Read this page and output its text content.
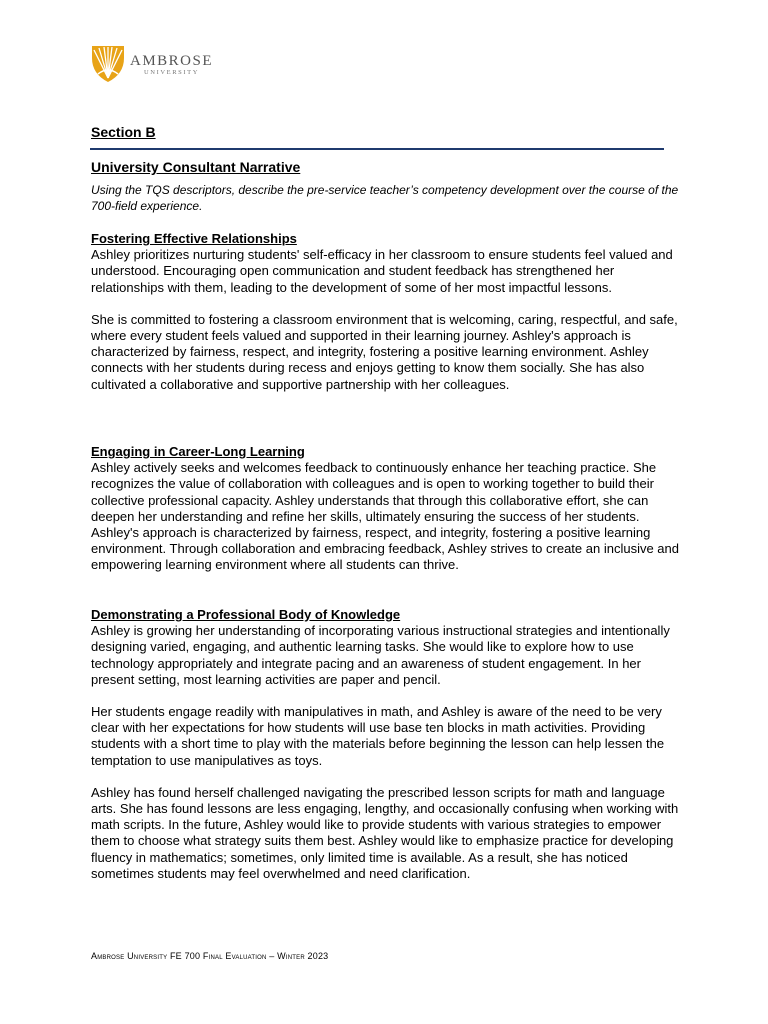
AMBROSE
UNIVERSITY
Section B
University Consultant Narrative
Using the TQS descriptors, describe the pre-service teacher’s competency development over the course of the 700-field experience.
Fostering Effective Relationships

Ashley prioritizes nurturing students' self-efficacy in her classroom to ensure students feel valued and understood. Encouraging open communication and student feedback has strengthened her relationships with them, leading to the development of some of her most impactful lessons.

She is committed to fostering a classroom environment that is welcoming, caring, respectful, and safe, where every student feels valued and supported in their learning journey. Ashley's approach is characterized by fairness, respect, and integrity, fostering a positive learning environment. Ashley connects with her students during recess and enjoys getting to know them socially. She has also cultivated a collaborative and supportive partnership with her colleagues.

Engaging in Career-Long Learning

Ashley actively seeks and welcomes feedback to continuously enhance her teaching practice. She recognizes the value of collaboration with colleagues and is open to working together to build their collective professional capacity. Ashley understands that through this collaborative effort, she can deepen her understanding and refine her skills, ultimately ensuring the success of her students. Ashley's approach is characterized by fairness, respect, and integrity, fostering a positive learning environment. Through collaboration and embracing feedback, Ashley strives to create an inclusive and empowering learning environment where all students can thrive.

Demonstrating a Professional Body of Knowledge

Ashley is growing her understanding of incorporating various instructional strategies and intentionally designing varied, engaging, and authentic learning tasks. She would like to explore how to use technology appropriately and integrate pacing and an awareness of student engagement. In her present setting, most learning activities are paper and pencil.

Her students engage readily with manipulatives in math, and Ashley is aware of the need to be very clear with her expectations for how students will use base ten blocks in math activities. Providing students with a short time to play with the materials before beginning the lesson can help lessen the temptation to use manipulatives as toys.

Ashley has found herself challenged navigating the prescribed lesson scripts for math and language arts. She has found lessons are less engaging, lengthy, and occasionally confusing when working with math scripts. In the future, Ashley would like to provide students with various strategies to empower them to choose what strategy suits them best. Ashley would like to emphasize practice for developing fluency in mathematics; sometimes, only limited time is available. As a result, she has noticed sometimes students may feel overwhelmed and need clarification.

Ambrose University FE 700 Final Evaluation – Winter 2023
